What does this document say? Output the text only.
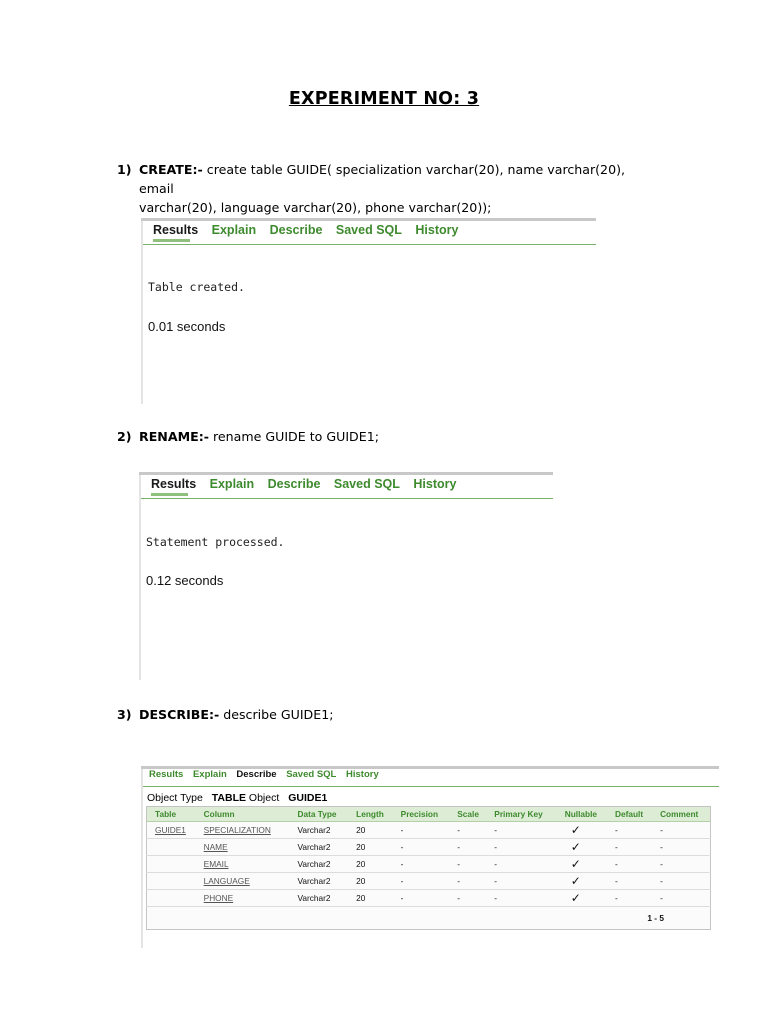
EXPERIMENT NO: 3
1) CREATE:- create table GUIDE( specialization varchar(20), name varchar(20), email
varchar(20), language varchar(20), phone varchar(20));
Results Explain Describe Saved SQL History
Table created.
0.01 seconds
2) RENAME:- rename GUIDE to GUIDE1;
Results Explain Describe Saved SQL History
Statement processed.
0.12 seconds
3) DESCRIBE:- describe GUIDE1;
Results Explain Describe Saved SQL History
Object Type TABLE Object GUIDE1
Table	Column	Data Type	Length	Precision	Scale	Primary Key	Nullable	Default	Comment
GUIDE1	SPECIALIZATION	Varchar2	20	-	-	-	✓	-	-
	NAME	Varchar2	20	-	-	-	✓	-	-
	EMAIL	Varchar2	20	-	-	-	✓	-	-
	LANGUAGE	Varchar2	20	-	-	-	✓	-	-
	PHONE	Varchar2	20	-	-	-	✓	-	-
1 - 5									
